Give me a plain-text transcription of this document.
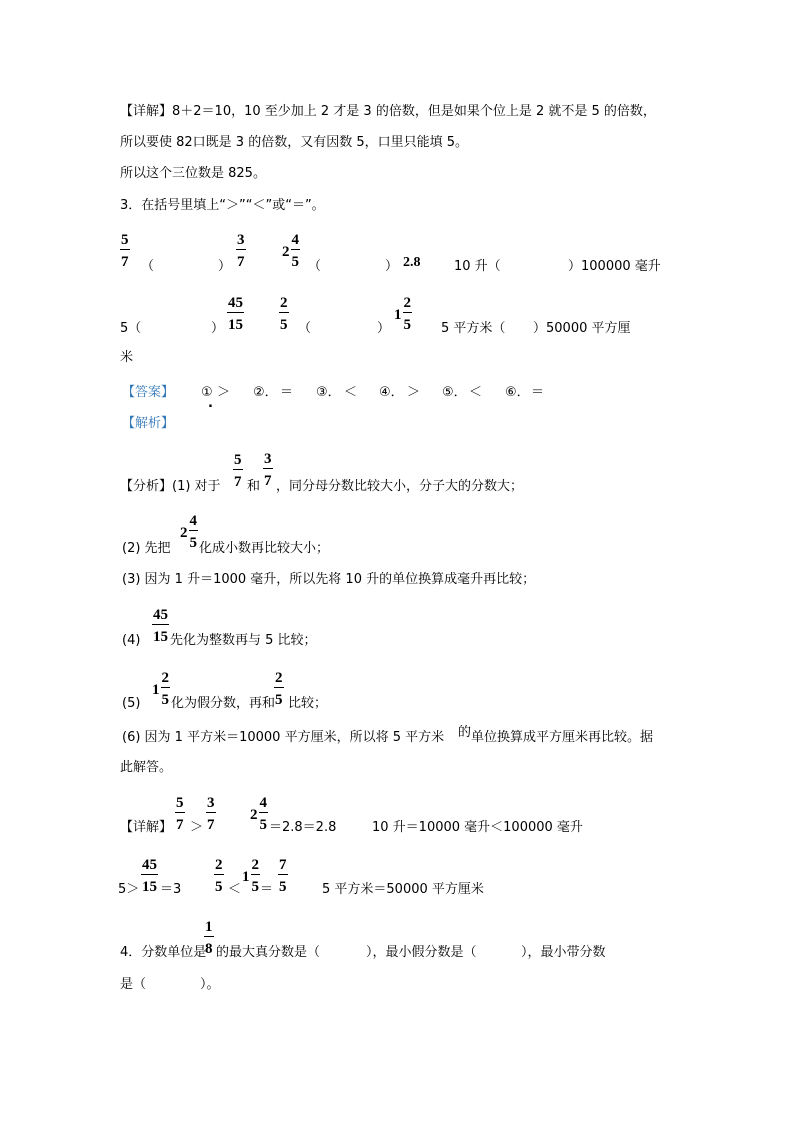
【详解】8＋2＝10，10 至少加上 2 才是 3 的倍数，但是如果个位上是 2 就不是 5 的倍数，
所以要使 82口既是 3 的倍数，又有因数 5，口里只能填 5。
所以这个三位数是 825。
3．在括号里填上“＞”“＜”或“＝”。
5
7 （	）
3
7
2
4
5 （	） 2.8	10 升（	）100000 毫升
5（	）
45
15
2
5 （	）
1
2
5 5 平方米（ ）50000 平方厘
米
【答案】 ① ＞
.
②． ＝ ③． ＜ ④． ＞ ⑤． ＜ ⑥． ＝
【解析】
【分析】(1) 对于
5
7 和
3
7 ，同分母分数比较大小，分子大的分数大；
(2) 先把
2
4
5 化成小数再比较大小；
(3) 因为 1 升＝1000 毫升，所以先将 10 升的单位换算成毫升再比较；
(4)
45
15 先化为整数再与 5 比较；
(5)
1
2
5 化为假分数，再和
2
5 比较；
(6) 因为 1 平方米＝10000 平方厘米，所以将 5 平方米 的 单位换算成平方厘米再比较。据
此解答。
【详解】
5
7 ＞
3
7
2
4
5 ＝2.8＝2.8	10 升＝10000 毫升＜100000 毫升
5＞
45
15 ＝3
2
5 ＜
1
2
5 ＝
7
5	5 平方米＝50000 平方厘米
4．分数单位是
1
8 的最大真分数是（	），最小假分数是（	），最小带分数
是（	）。
